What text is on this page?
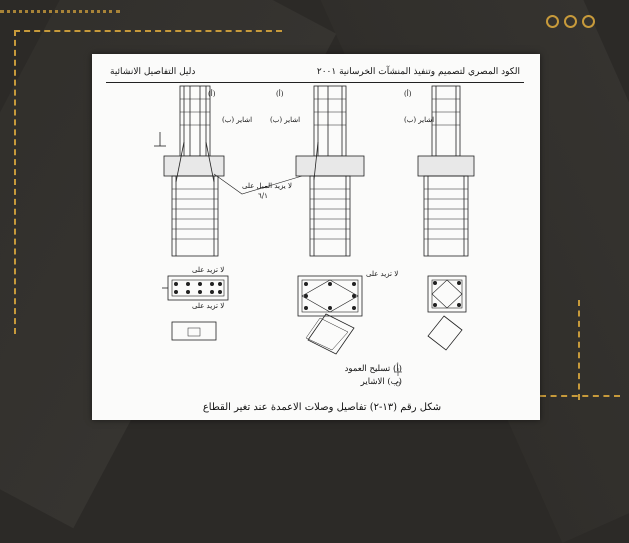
دليل التفاصيل الانشائية	الكود المصري لتصميم وتنفيذ المنشآت الخرسانية ٢٠٠١
(أ)	(أ)	(أ)
اشاير (ب)	اشاير (ب)	اشاير (ب)
لا يزيد الميل على
٦/١
لا تزيد على
لا تزيد على
لا تزيد على
(أ) تسليح العمود
(ب) الاشاير
شكل رقم (١٣-٢) تفاصيل وصلات الاعمدة عند تغير القطاع
